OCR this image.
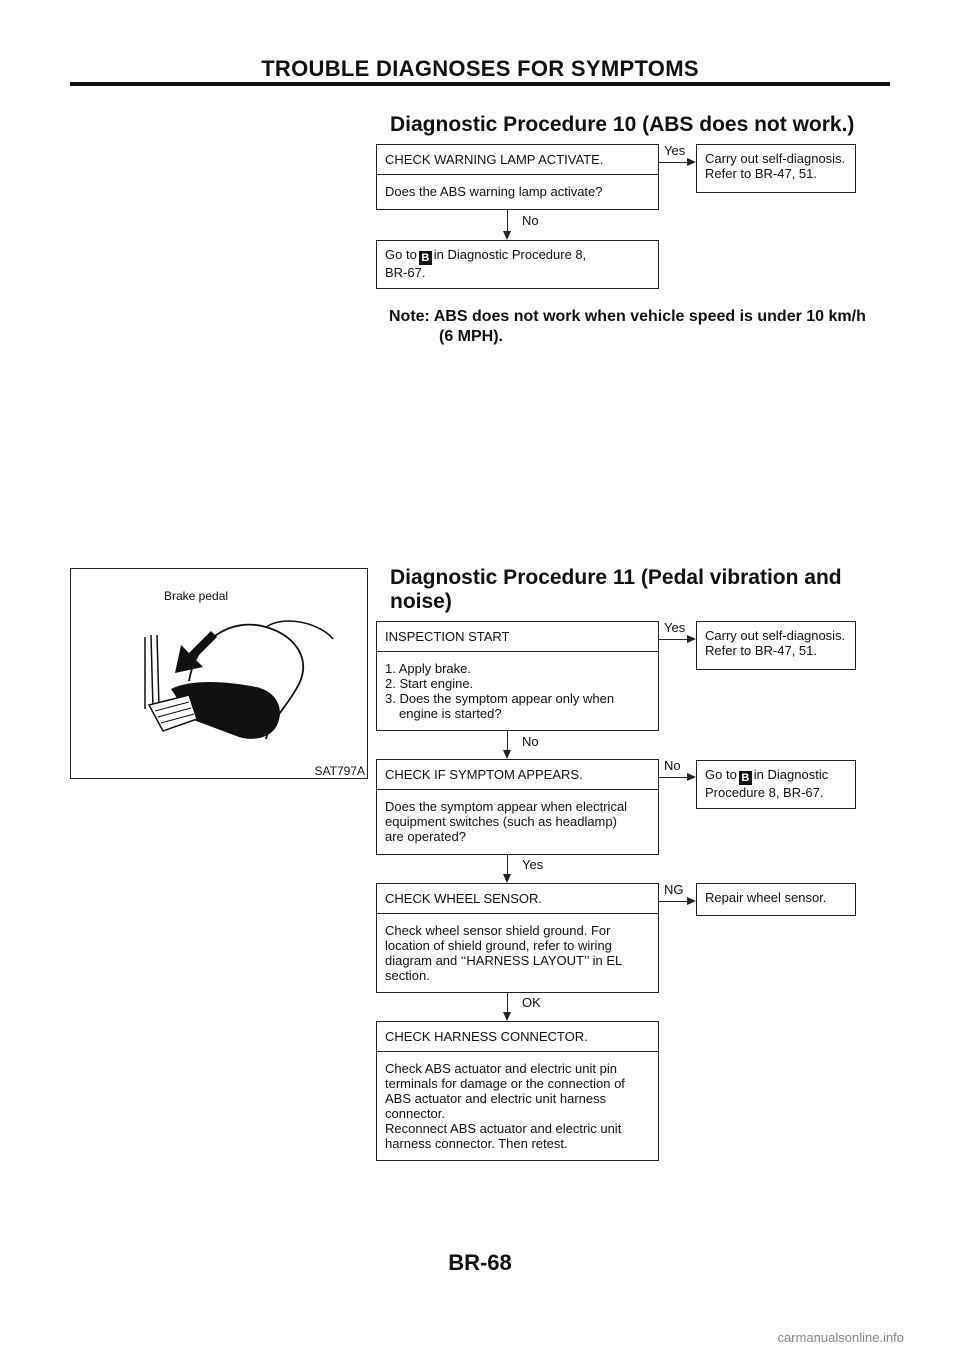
TROUBLE DIAGNOSES FOR SYMPTOMS
Diagnostic Procedure 10 (ABS does not work.)
CHECK WARNING LAMP ACTIVATE.
Does the ABS warning lamp activate?
Yes
Carry out self-diagnosis.
Refer to BR-47, 51.
No
Go to B in Diagnostic Procedure 8,
BR-67.
Note: ABS does not work when vehicle speed is under 10 km/h
(6 MPH).
Brake pedal
SAT797A
Diagnostic Procedure 11 (Pedal vibration and
noise)
INSPECTION START
1. Apply brake.
2. Start engine.
3. Does the symptom appear only when
engine is started?
Yes
Carry out self-diagnosis.
Refer to BR-47, 51.
No
CHECK IF SYMPTOM APPEARS.
Does the symptom appear when electrical
equipment switches (such as headlamp)
are operated?
No
Go to B in Diagnostic
Procedure 8, BR-67.
Yes
CHECK WHEEL SENSOR.
Check wheel sensor shield ground. For
location of shield ground, refer to wiring
diagram and ‘‘HARNESS LAYOUT’’ in EL
section.
NG
Repair wheel sensor.
OK
CHECK HARNESS CONNECTOR.
Check ABS actuator and electric unit pin
terminals for damage or the connection of
ABS actuator and electric unit harness
connector.
Reconnect ABS actuator and electric unit
harness connector. Then retest.
BR-68
carmanualsonline.info
